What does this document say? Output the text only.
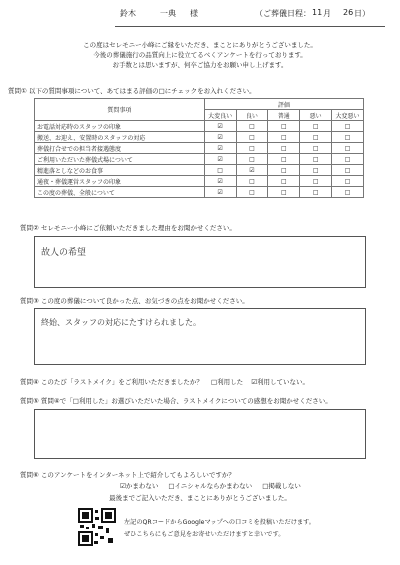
鈴木	一典 様	（ご葬儀日程： 11 月 26 日）
この度はセレモニー小峰にご縁をいただき、まことにありがとうございました。
今後の葬儀施行の品質向上に役立てるべくアンケートを行っております。
お手数とは思いますが、何卒ご協力をお願い申し上げます。
質問① 以下の質問事項について、あてはまる評価の□にチェックをお入れください。
質問事項	評価				
	大変良い	良い	普通	悪い	大変悪い
お電話対応時のスタッフの印象	☑	□	□	□	□
搬送、お迎え、安置時のスタッフの対応	☑	□	□	□	□
葬儀打合せでの担当者接遇態度	☑	□	□	□	□
ご利用いただいた葬儀式場について	☑	□	□	□	□
精進落としなどのお食事	□	☑	□	□	□
通夜・葬儀運営スタッフの印象	☑	□	□	□	□
この度の葬儀、全般について	☑	□	□	□	□
質問② セレモニー小峰にご依頼いただきました理由をお聞かせください。
故人の希望
質問③ この度の葬儀について良かった点、お気づきの点をお聞かせください。
終始、スタッフの対応にたすけられました。
質問④ このたび「ラストメイク」をご利用いただきましたか？ □利用した ☑利用していない。
質問⑤ 質問④で「□利用した」お選びいただいた場合、ラストメイクについての感想をお聞かせください。
質問⑥ このアンケートをインターネット上で紹介してもよろしいですか？
☑かまわない □イニシャルならかまわない □掲載しない
最後までご記入いただき、まことにありがとうございました。
左記のQRコードからGoogleマップへの口コミを投稿いただけます。
ぜひこちらにもご意見をお寄せいただけますと幸いです。
